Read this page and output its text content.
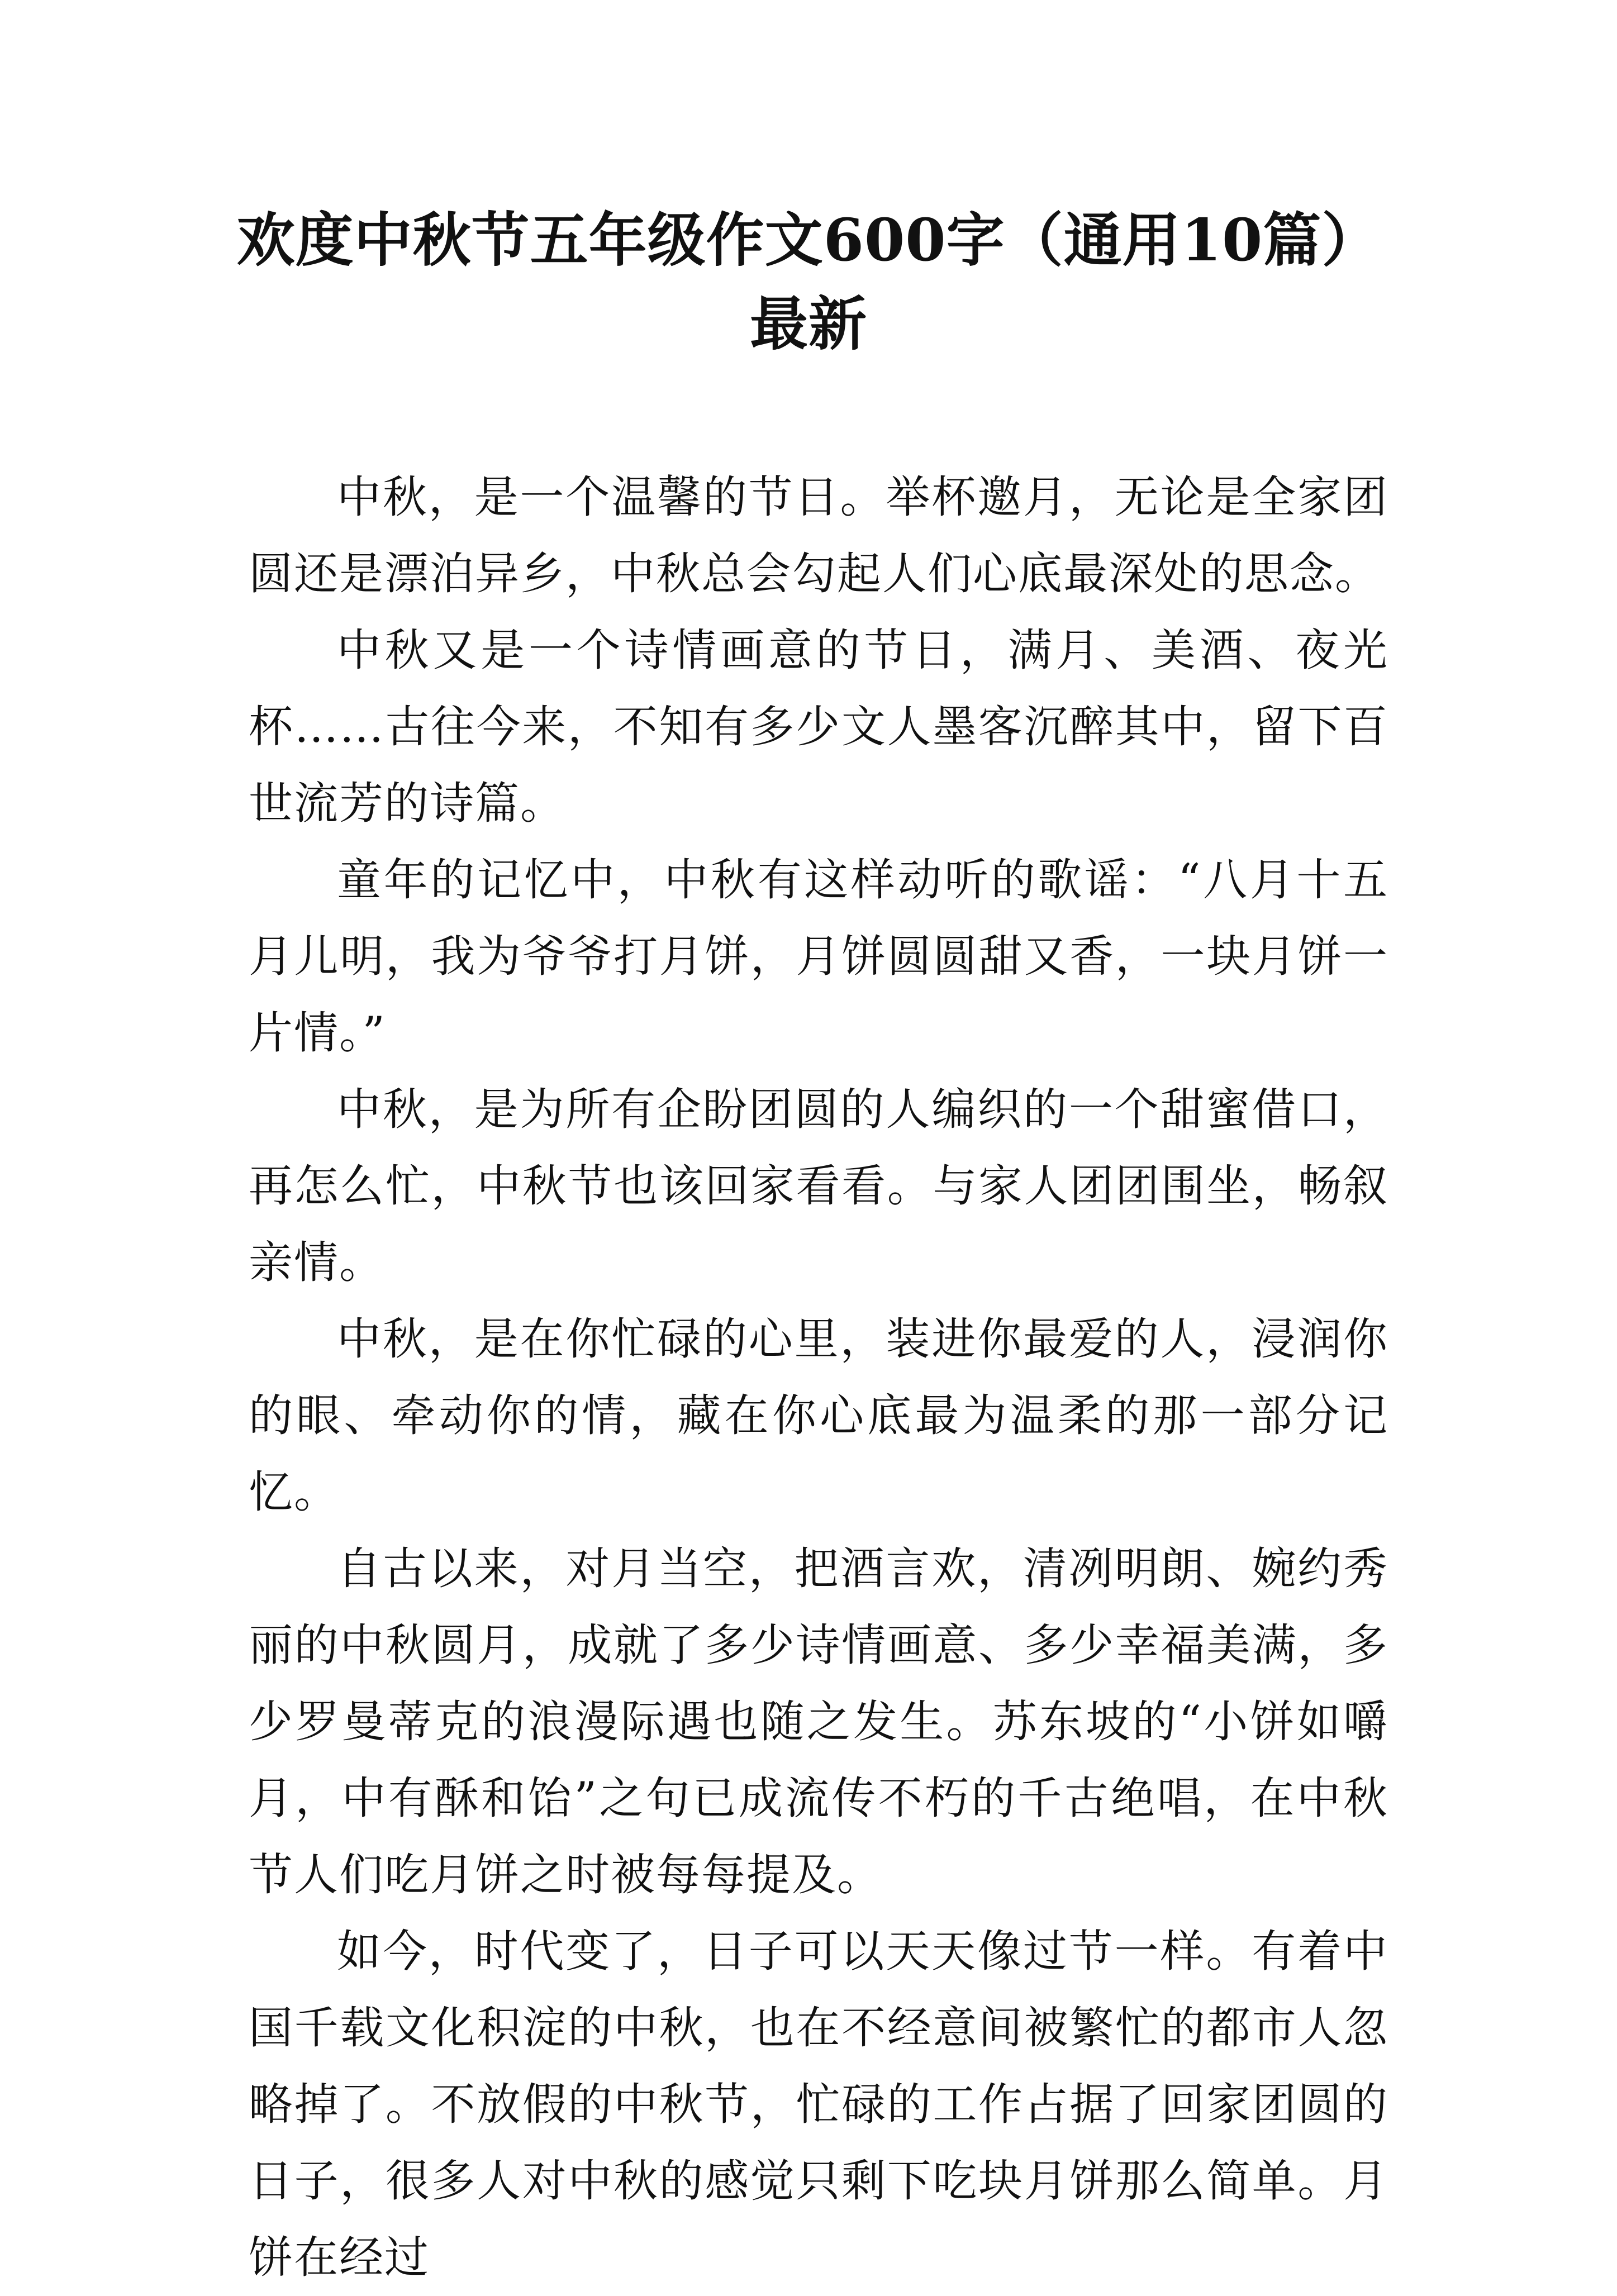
欢度中秋节五年级作文600字（通用10篇）
最新

中秋，是一个温馨的节日。举杯邀月，无论是全家团圆还是漂泊异乡，中秋总会勾起人们心底最深处的思念。

中秋又是一个诗情画意的节日，满月、美酒、夜光杯……古往今来，不知有多少文人墨客沉醉其中，留下百世流芳的诗篇。

童年的记忆中，中秋有这样动听的歌谣：“八月十五月儿明，我为爷爷打月饼，月饼圆圆甜又香，一块月饼一片情。”

中秋，是为所有企盼团圆的人编织的一个甜蜜借口，再怎么忙，中秋节也该回家看看。与家人团团围坐，畅叙亲情。

中秋，是在你忙碌的心里，装进你最爱的人，浸润你的眼、牵动你的情，藏在你心底最为温柔的那一部分记忆。

自古以来，对月当空，把酒言欢，清冽明朗、婉约秀丽的中秋圆月，成就了多少诗情画意、多少幸福美满，多少罗曼蒂克的浪漫际遇也随之发生。苏东坡的“小饼如嚼月，中有酥和饴”之句已成流传不朽的千古绝唱，在中秋节人们吃月饼之时被每每提及。

如今，时代变了，日子可以天天像过节一样。有着中国千载文化积淀的中秋，也在不经意间被繁忙的都市人忽略掉了。不放假的中秋节，忙碌的工作占据了回家团圆的日子，很多人对中秋的感觉只剩下吃块月饼那么简单。月饼在经过
